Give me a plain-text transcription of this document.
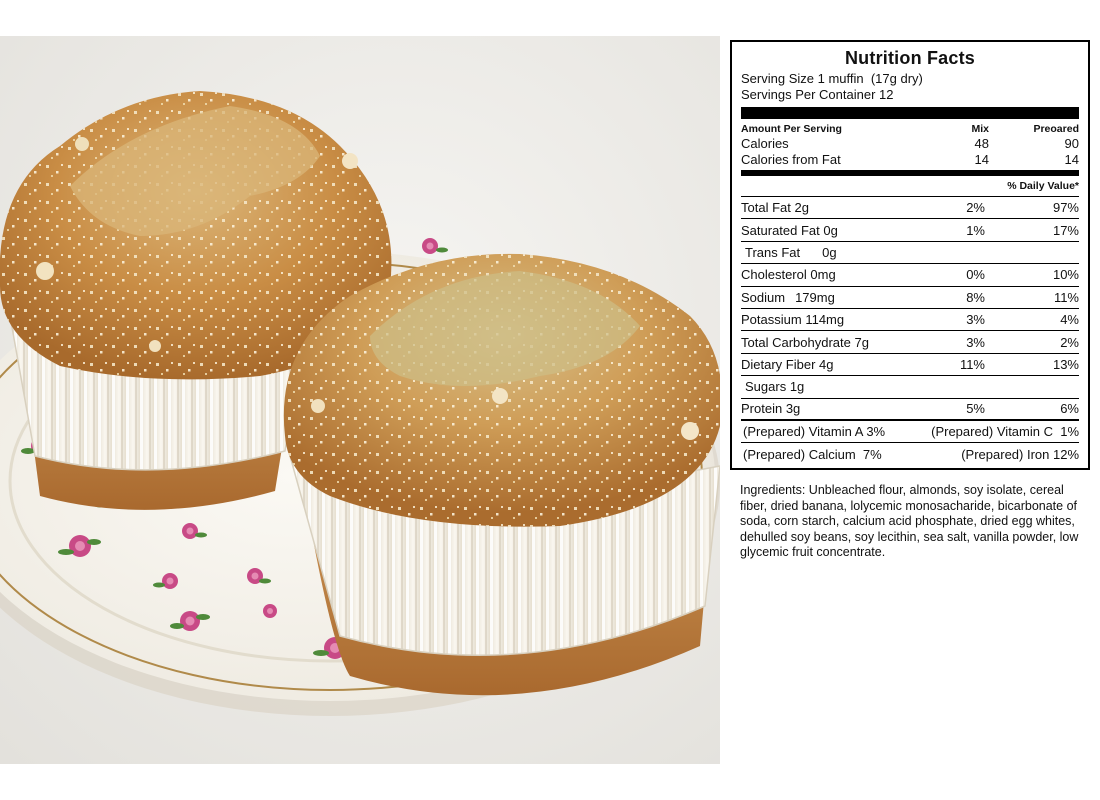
Nutrition Facts
Serving Size 1 muffin  (17g dry)
Servings Per Container 12
Amount Per Serving	Mix	Preoared
Calories	48	90
Calories from Fat	14	14
% Daily Value*
Total Fat 2g	2%	97%
Saturated Fat 0g	1%	17%
Trans Fat 0g
Cholesterol 0mg	0%	10%
Sodium 179mg	8%	11%
Potassium 114mg	3%	4%
Total Carbohydrate 7g	3%	2%
Dietary Fiber 4g	11%	13%
Sugars 1g
Protein 3g	5%	6%
(Prepared) Vitamin A 3%	(Prepared) Vitamin C  1%
(Prepared) Calcium  7%	(Prepared) Iron 12%
Ingredients: Unbleached flour, almonds, soy isolate, cereal fiber, dried banana, lolycemic monosacharide, bicarbonate of soda, corn starch, calcium acid phosphate, dried egg whites, dehulled soy beans, soy lecithin, sea salt, vanilla powder, low glycemic fruit concentrate.
